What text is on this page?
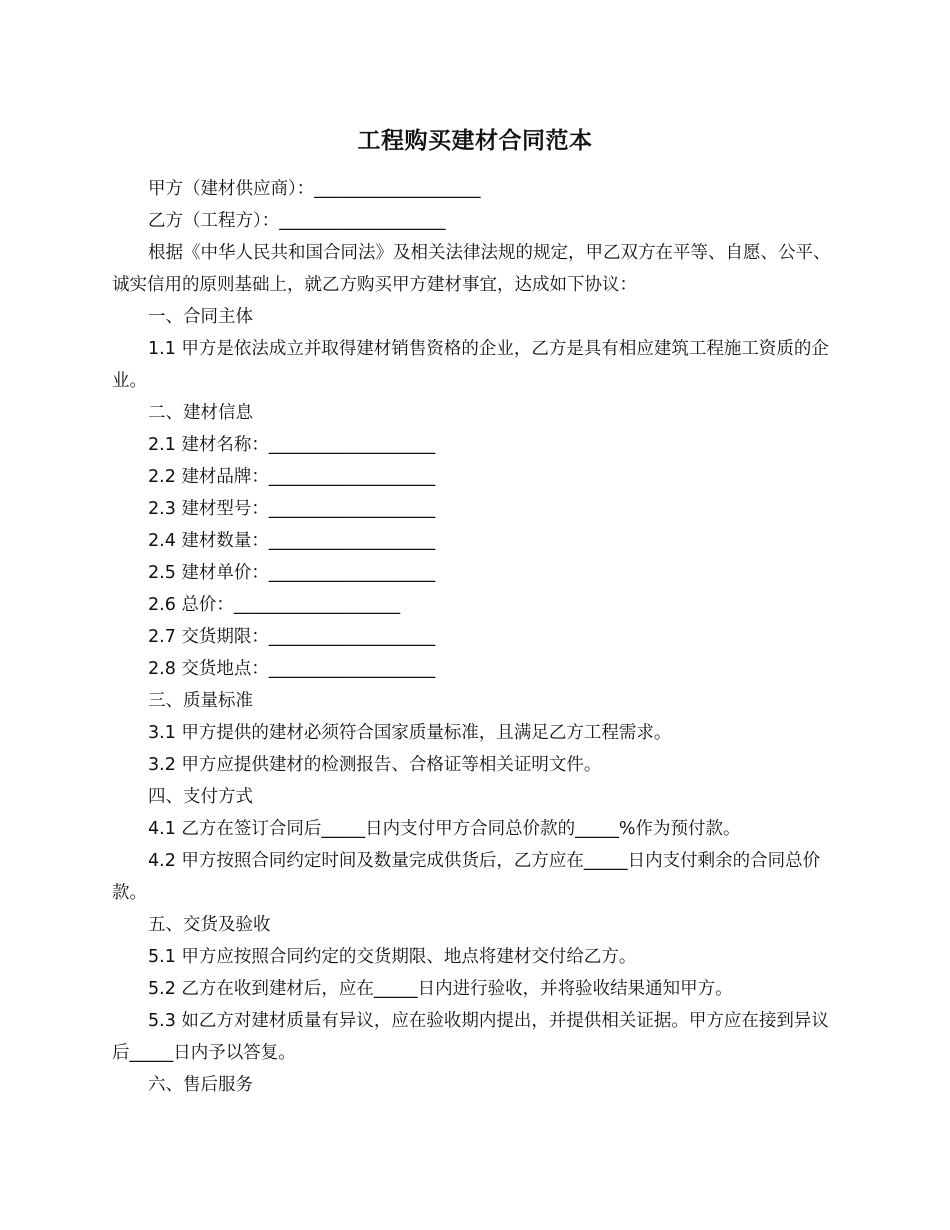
工程购买建材合同范本

甲方（建材供应商）：___________________

乙方（工程方）：___________________

根据《中华人民共和国合同法》及相关法律法规的规定，甲乙双方在平等、自愿、公平、诚实信用的原则基础上，就乙方购买甲方建材事宜，达成如下协议：

一、合同主体

1.1 甲方是依法成立并取得建材销售资格的企业，乙方是具有相应建筑工程施工资质的企业。

二、建材信息

2.1 建材名称：___________________

2.2 建材品牌：___________________

2.3 建材型号：___________________

2.4 建材数量：___________________

2.5 建材单价：___________________

2.6 总价：___________________

2.7 交货期限：___________________

2.8 交货地点：___________________

三、质量标准

3.1 甲方提供的建材必须符合国家质量标准，且满足乙方工程需求。

3.2 甲方应提供建材的检测报告、合格证等相关证明文件。

四、支付方式

4.1 乙方在签订合同后_____日内支付甲方合同总价款的_____%作为预付款。

4.2 甲方按照合同约定时间及数量完成供货后，乙方应在_____日内支付剩余的合同总价款。

五、交货及验收

5.1 甲方应按照合同约定的交货期限、地点将建材交付给乙方。

5.2 乙方在收到建材后，应在_____日内进行验收，并将验收结果通知甲方。

5.3 如乙方对建材质量有异议，应在验收期内提出，并提供相关证据。甲方应在接到异议后_____日内予以答复。

六、售后服务
